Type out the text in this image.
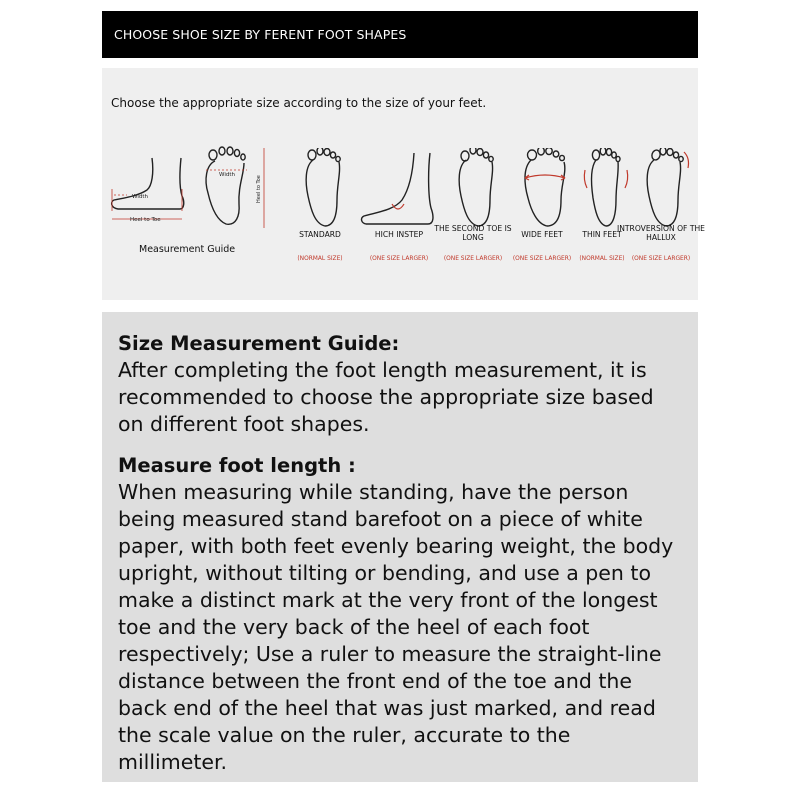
CHOOSE SHOE SIZE BY FERENT FOOT SHAPES
Choose the appropriate size according to the size of your feet.
Width
Heel to Toe
Width
Heel to Toe
Measurement Guide
STANDARD
(NORMAL SIZE)
HICH INSTEP
(ONE SIZE LARGER)
THE SECOND TOE IS LONG
(ONE SIZE LARGER)
WIDE FEET
(ONE SIZE LARGER)
THIN FEET
(NORMAL SIZE)
INTROVERSION OF THE HALLUX
(ONE SIZE LARGER)
Size Measurement Guide:

After completing the foot length measurement, it is recommended to choose the appropriate size based on different foot shapes.

Measure foot length :

When measuring while standing, have the person being measured stand barefoot on a piece of white paper, with both feet evenly bearing weight, the body upright, without tilting or bending, and use a pen to make a distinct mark at the very front of the longest toe and the very back of the heel of each foot respectively; Use a ruler to measure the straight-line distance between the front end of the toe and the back end of the heel that was just marked, and read the scale value on the ruler, accurate to the millimeter.
